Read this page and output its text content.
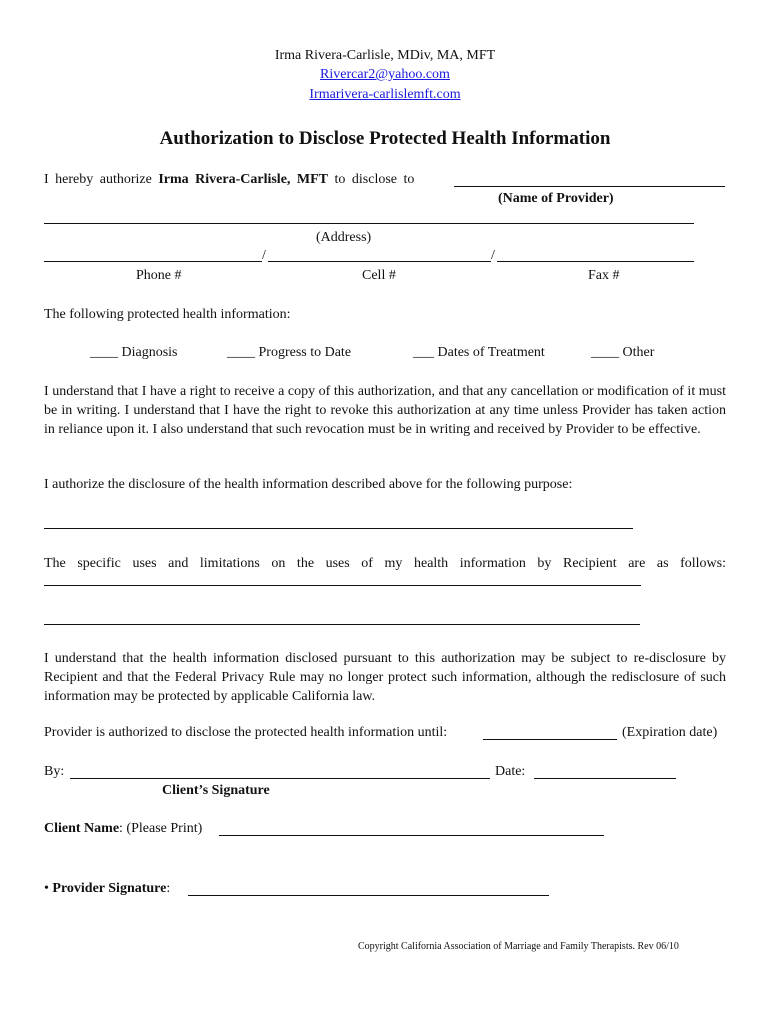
Irma Rivera-Carlisle, MDiv, MA, MFT
Rivercar2@yahoo.com
Irmarivera-carlislemft.com
Authorization to Disclose Protected Health Information
I hereby authorize Irma Rivera-Carlisle, MFT to disclose to
(Name of Provider)
(Address)
/	/
Phone #	Cell #	Fax #
The following protected health information:
____ Diagnosis	____ Progress to Date	___ Dates of Treatment	____ Other
I understand that I have a right to receive a copy of this authorization, and that any cancellation or modification of it must be in writing. I understand that I have the right to revoke this authorization at any time unless Provider has taken action in reliance upon it. I also understand that such revocation must be in writing and received by Provider to be effective.
I authorize the disclosure of the health information described above for the following purpose:
The specific uses and limitations on the uses of my health information by Recipient are as follows:
I understand that the health information disclosed pursuant to this authorization may be subject to re-disclosure by Recipient and that the Federal Privacy Rule may no longer protect such information, although the redisclosure of such information may be protected by applicable California law.
Provider is authorized to disclose the protected health information until:	(Expiration date)
By:	Date:
Client’s Signature
Client Name: (Please Print)
• Provider Signature:
Copyright California Association of Marriage and Family Therapists. Rev 06/10
